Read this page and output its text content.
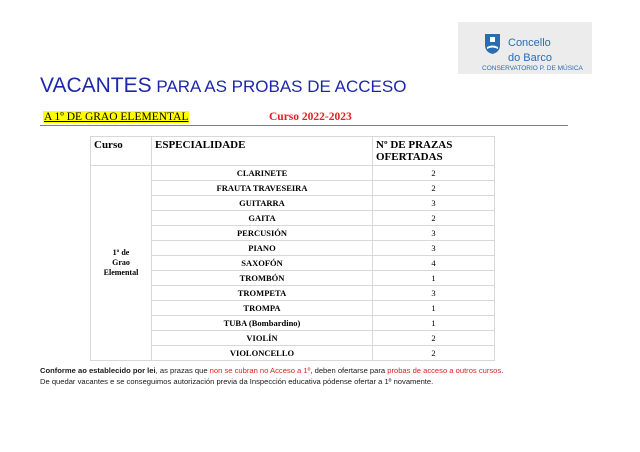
Concello
do Barco
CONSERVATORIO P. DE MÚSICA
VACANTES PARA AS PROBAS DE ACCESO
A 1º DE GRAO ELEMENTAL	Curso 2022-2023
Curso	ESPECIALIDADE	Nº DE PRAZAS OFERTADAS

1º de
Grao
Elemental	CLARINETE	2
	FRAUTA TRAVESEIRA	2
	GUITARRA	3
	GAITA	2
	PERCUSIÓN	3
	PIANO	3
	SAXOFÓN	4
	TROMBÓN	1
	TROMPETA	3
	TROMPA	1
	TUBA (Bombardino)	1
	VIOLÍN	2
	VIOLONCELLO	2
Conforme ao establecido por lei, as prazas que non se cubran no Acceso a 1º, deben ofertarse para probas de acceso a outros cursos.
De quedar vacantes e se conseguimos autorización previa da Inspección educativa pódense ofertar a 1º novamente.
